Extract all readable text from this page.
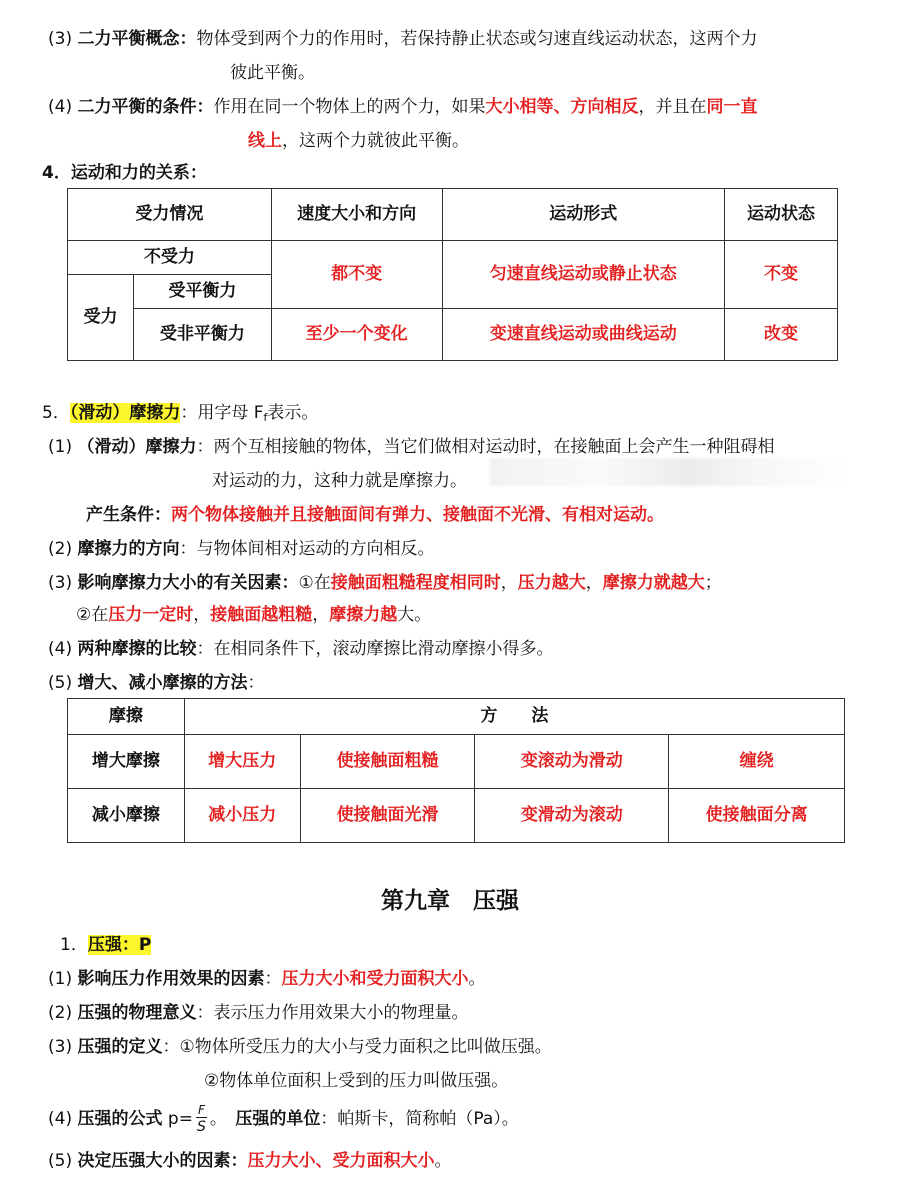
(3) 二力平衡概念：物体受到两个力的作用时，若保持静止状态或匀速直线运动状态，这两个力
彼此平衡。
(4) 二力平衡的条件：作用在同一个物体上的两个力，如果大小相等、方向相反，并且在同一直
线上，这两个力就彼此平衡。
4．运动和力的关系：
受力情况		速度大小和方向	运动形式	运动状态
不受力		都不变	匀速直线运动或静止状态	不变
受力	受平衡力			
	受非平衡力	至少一个变化	变速直线运动或曲线运动	改变
5．（滑动）摩擦力：用字母 $F_f$表示。
(1) （滑动）摩擦力：两个互相接触的物体，当它们做相对运动时，在接触面上会产生一种阻碍相
对运动的力，这种力就是摩擦力。
产生条件：两个物体接触并且接触面间有弹力、接触面不光滑、有相对运动。
(2) 摩擦力的方向：与物体间相对运动的方向相反。
(3) 影响摩擦力大小的有关因素：①在接触面粗糙程度相同时，压力越大，摩擦力就越大；
②在压力一定时，接触面越粗糙，摩擦力越大。
(4) 两种摩擦的比较：在相同条件下，滚动摩擦比滑动摩擦小得多。
(5) 增大、减小摩擦的方法：
摩擦	方　　法			
增大摩擦	增大压力	使接触面粗糙	变滚动为滑动	缠绕
减小摩擦	减小压力	使接触面光滑	变滑动为滚动	使接触面分离
第九章　压强
1．压强：P
(1) 影响压力作用效果的因素：压力大小和受力面积大小。
(2) 压强的物理意义：表示压力作用效果大小的物理量。
(3) 压强的定义：①物体所受压力的大小与受力面积之比叫做压强。
②物体单位面积上受到的压力叫做压强。
(4) 压强的公式 $p= \frac{F}{S}$ 。　压强的单位：帕斯卡，简称帕（Pa）。
(5) 决定压强大小的因素：压力大小、受力面积大小。
